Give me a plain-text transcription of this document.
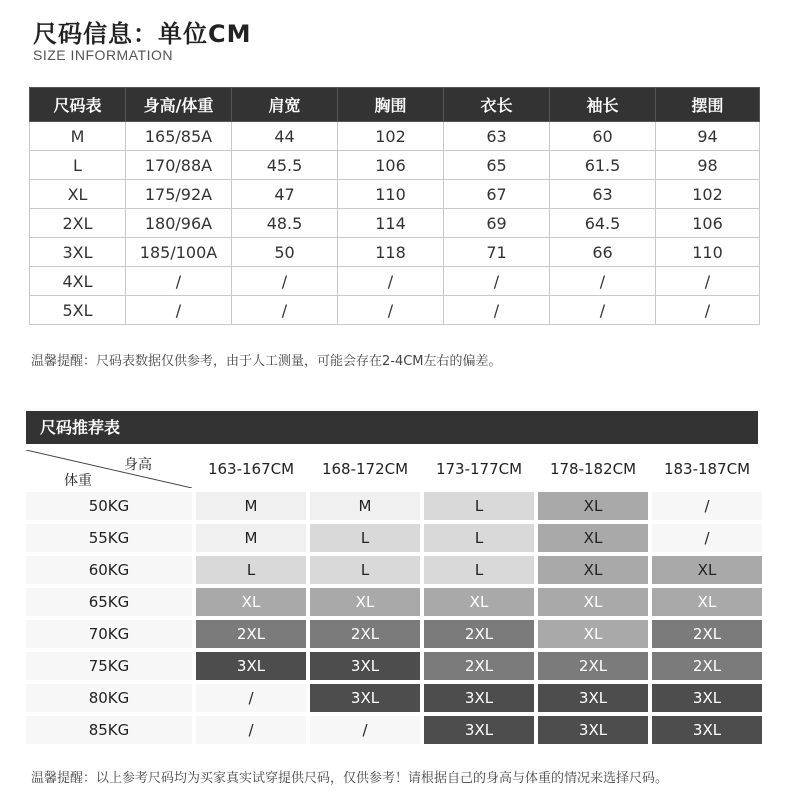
尺码信息：单位CM
SIZE INFORMATION
尺码表	身高/体重	肩宽	胸围	衣长	袖长	摆围
M	165/85A	44	102	63	60	94
L	170/88A	45.5	106	65	61.5	98
XL	175/92A	47	110	67	63	102
2XL	180/96A	48.5	114	69	64.5	106
3XL	185/100A	50	118	71	66	110
4XL	/	/	/	/	/	/
5XL	/	/	/	/	/	/
温馨提醒：尺码表数据仅供参考，由于人工测量，可能会存在2-4CM左右的偏差。
尺码推荐表
身高
体重	163-167CM	168-172CM	173-177CM	178-182CM	183-187CM
50KG	M	M	L	XL	/
55KG	M	L	L	XL	/
60KG	L	L	L	XL	XL
65KG	XL	XL	XL	XL	XL
70KG	2XL	2XL	2XL	XL	2XL
75KG	3XL	3XL	2XL	2XL	2XL
80KG	/	3XL	3XL	3XL	3XL
85KG	/	/	3XL	3XL	3XL
温馨提醒：以上参考尺码均为买家真实试穿提供尺码，仅供参考！请根据自己的身高与体重的情况来选择尺码。
